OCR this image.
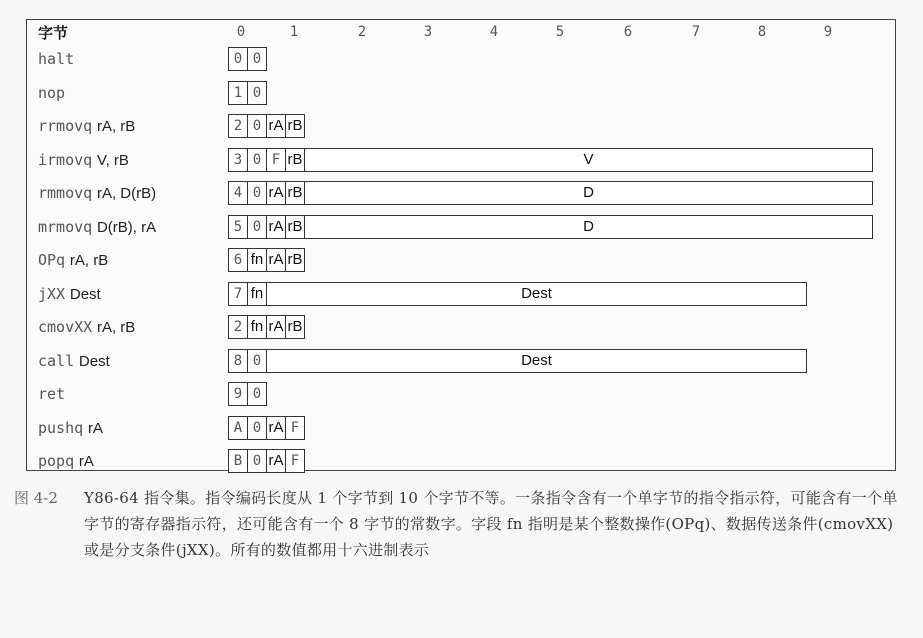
字节	0	1	2	3	4	5	6	7	8	9
halt	0 0
nop	1 0
rrmovq rA, rB	2 0 rA rB
irmovq V, rB	3 0 F rB	V
rmmovq rA, D(rB)	4 0 rA rB	D
mrmovq D(rB), rA	5 0 rA rB	D
OPq rA, rB	6 fn rA rB
jXX Dest	7 fn	Dest
cmovXX rA, rB	2 fn rA rB
call Dest	8 0	Dest
ret	9 0
pushq rA	A 0 rA F
popq rA	B 0 rA F
图 4-2 Y86-64 指令集。指令编码长度从 1 个字节到 10 个字节不等。一条指令含有一个单字节的指令指示符，可能含有一个单字节的寄存器指示符，还可能含有一个 8 字节的常数字。字段 fn 指明是某个整数操作(OPq)、数据传送条件(cmovXX)或是分支条件(jXX)。所有的数值都用十六进制表示
